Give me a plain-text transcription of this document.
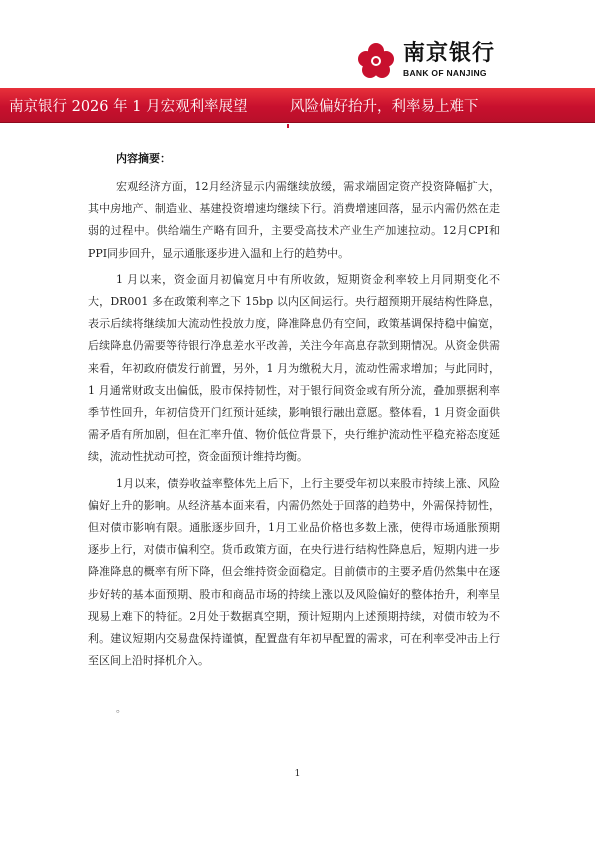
南京银行
BANK OF NANJING
南京银行 2026 年 1 月宏观利率展望	风险偏好抬升，利率易上难下
内容摘要：

宏观经济方面，12月经济显示内需继续放缓，需求端固定资产投资降幅扩大，其中房地产、制造业、基建投资增速均继续下行。消费增速回落，显示内需仍然在走弱的过程中。供给端生产略有回升，主要受高技术产业生产加速拉动。12月CPI和PPI同步回升，显示通胀逐步进入温和上行的趋势中。

1 月以来，资金面月初偏宽月中有所收敛，短期资金利率较上月同期变化不大，DR001 多在政策利率之下 15bp 以内区间运行。央行超预期开展结构性降息，表示后续将继续加大流动性投放力度，降准降息仍有空间，政策基调保持稳中偏宽，后续降息仍需要等待银行净息差水平改善，关注今年高息存款到期情况。从资金供需来看，年初政府债发行前置，另外，1 月为缴税大月，流动性需求增加；与此同时，1 月通常财政支出偏低，股市保持韧性，对于银行间资金或有所分流，叠加票据利率季节性回升，年初信贷开门红预计延续，影响银行融出意愿。整体看，1 月资金面供需矛盾有所加剧，但在汇率升值、物价低位背景下，央行维护流动性平稳充裕态度延续，流动性扰动可控，资金面预计维持均衡。

1月以来，债券收益率整体先上后下，上行主要受年初以来股市持续上涨、风险偏好上升的影响。从经济基本面来看，内需仍然处于回落的趋势中，外需保持韧性，但对债市影响有限。通胀逐步回升，1月工业品价格也多数上涨，使得市场通胀预期逐步上行，对债市偏利空。货币政策方面，在央行进行结构性降息后，短期内进一步降准降息的概率有所下降，但会维持资金面稳定。目前债市的主要矛盾仍然集中在逐步好转的基本面预期、股市和商品市场的持续上涨以及风险偏好的整体抬升，利率呈现易上难下的特征。2月处于数据真空期，预计短期内上述预期持续，对债市较为不利。建议短期内交易盘保持谨慎，配置盘有年初早配置的需求，可在利率受冲击上行至区间上沿时择机介入。

。
1
